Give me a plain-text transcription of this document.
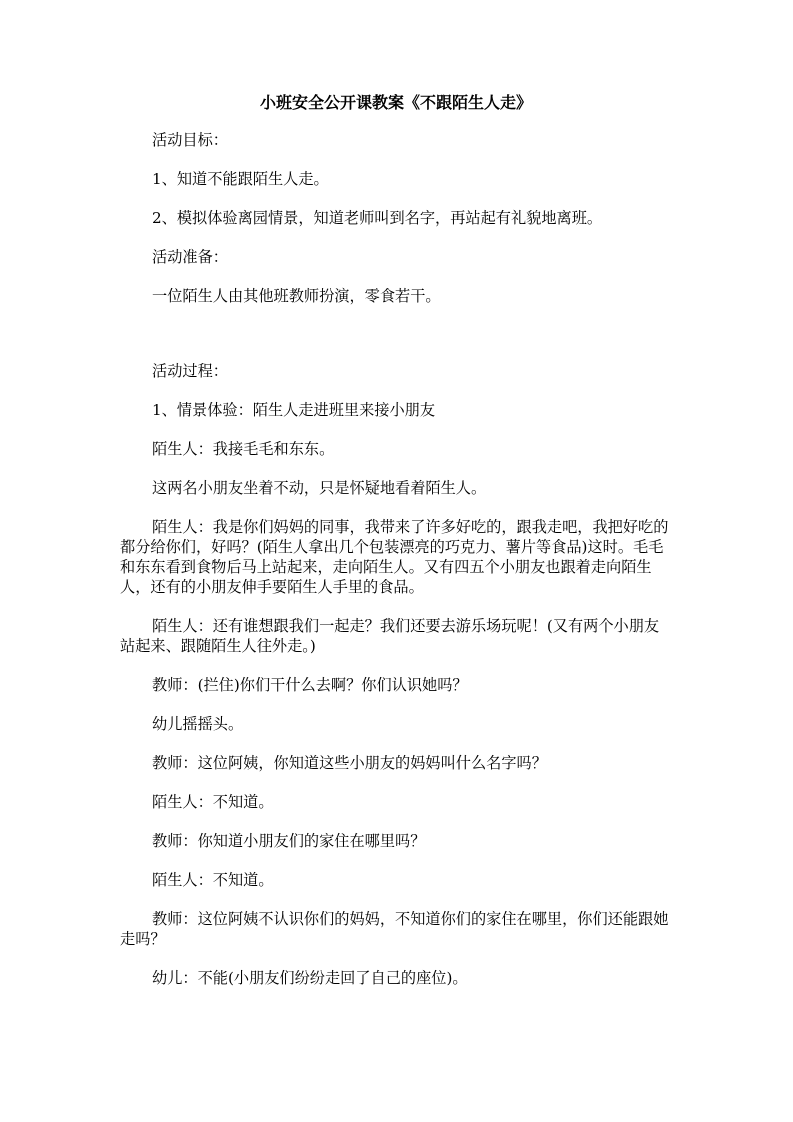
小班安全公开课教案《不跟陌生人走》

活动目标：

1、知道不能跟陌生人走。

2、模拟体验离园情景，知道老师叫到名字，再站起有礼貌地离班。

活动准备：

一位陌生人由其他班教师扮演，零食若干。

活动过程：

1、情景体验：陌生人走进班里来接小朋友

陌生人：我接毛毛和东东。

这两名小朋友坐着不动，只是怀疑地看着陌生人。

陌生人：我是你们妈妈的同事，我带来了许多好吃的，跟我走吧，我把好吃的都分给你们，好吗？(陌生人拿出几个包装漂亮的巧克力、薯片等食品)这时。毛毛和东东看到食物后马上站起来，走向陌生人。又有四五个小朋友也跟着走向陌生人，还有的小朋友伸手要陌生人手里的食品。

陌生人：还有谁想跟我们一起走？我们还要去游乐场玩呢！(又有两个小朋友站起来、跟随陌生人往外走。)

教师：(拦住)你们干什么去啊？你们认识她吗？

幼儿摇摇头。

教师：这位阿姨，你知道这些小朋友的妈妈叫什么名字吗？

陌生人：不知道。

教师：你知道小朋友们的家住在哪里吗？

陌生人：不知道。

教师：这位阿姨不认识你们的妈妈，不知道你们的家住在哪里，你们还能跟她走吗？

幼儿：不能(小朋友们纷纷走回了自己的座位)。
